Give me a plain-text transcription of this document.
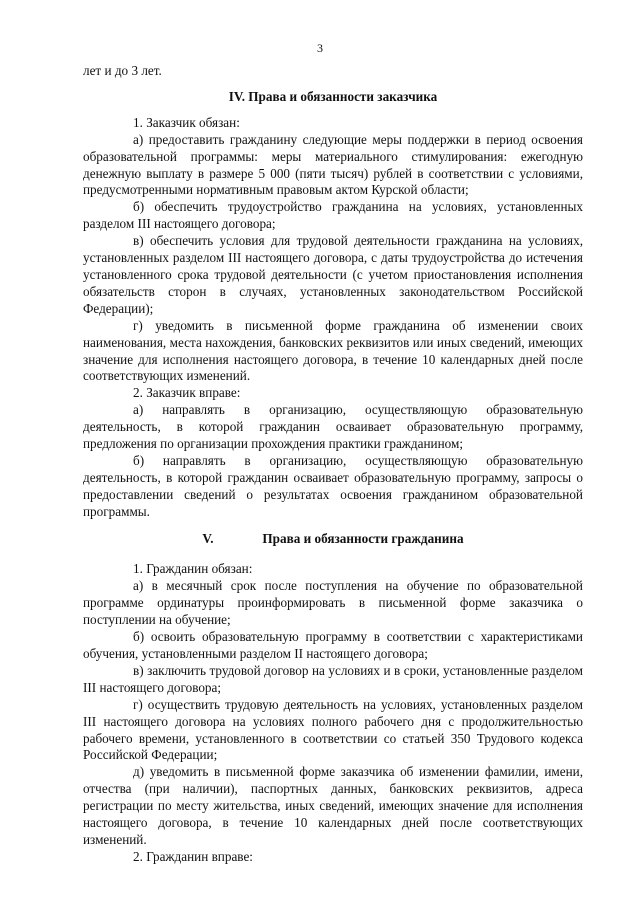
3

лет и до 3 лет.

IV. Права и обязанности заказчика

1. Заказчик обязан:

а) предоставить гражданину следующие меры поддержки в период освоения образовательной программы: меры материального стимулирования: ежегодную денежную выплату в размере 5 000 (пяти тысяч) рублей в соответствии с условиями, предусмотренными нормативным правовым актом Курской области;

б) обеспечить трудоустройство гражданина на условиях, установленных разделом III настоящего договора;

в) обеспечить условия для трудовой деятельности гражданина на условиях, установленных разделом III настоящего договора, с даты трудоустройства до истечения установленного срока трудовой деятельности (с учетом приостановления исполнения обязательств сторон в случаях, установленных законодательством Российской Федерации);

г) уведомить в письменной форме гражданина об изменении своих наименования, места нахождения, банковских реквизитов или иных сведений, имеющих значение для исполнения настоящего договора, в течение 10 календарных дней после соответствующих изменений.

2. Заказчик вправе:

а) направлять в организацию, осуществляющую образовательную деятельность, в которой гражданин осваивает образовательную программу, предложения по организации прохождения практики гражданином;

б) направлять в организацию, осуществляющую образовательную деятельность, в которой гражданин осваивает образовательную программу, запросы о предоставлении сведений о результатах освоения гражданином образовательной программы.

V.	Права и обязанности гражданина

1. Гражданин обязан:

а) в месячный срок после поступления на обучение по образовательной программе ординатуры проинформировать в письменной форме заказчика о поступлении на обучение;

б) освоить образовательную программу в соответствии с характеристиками обучения, установленными разделом II настоящего договора;

в) заключить трудовой договор на условиях и в сроки, установленные разделом III настоящего договора;

г) осуществить трудовую деятельность на условиях, установленных разделом III настоящего договора на условиях полного рабочего дня с продолжительностью рабочего времени, установленного в соответствии со статьей 350 Трудового кодекса Российской Федерации;

д) уведомить в письменной форме заказчика об изменении фамилии, имени, отчества (при наличии), паспортных данных, банковских реквизитов, адреса регистрации по месту жительства, иных сведений, имеющих значение для исполнения настоящего договора, в течение 10 календарных дней после соответствующих изменений.

2. Гражданин вправе:
